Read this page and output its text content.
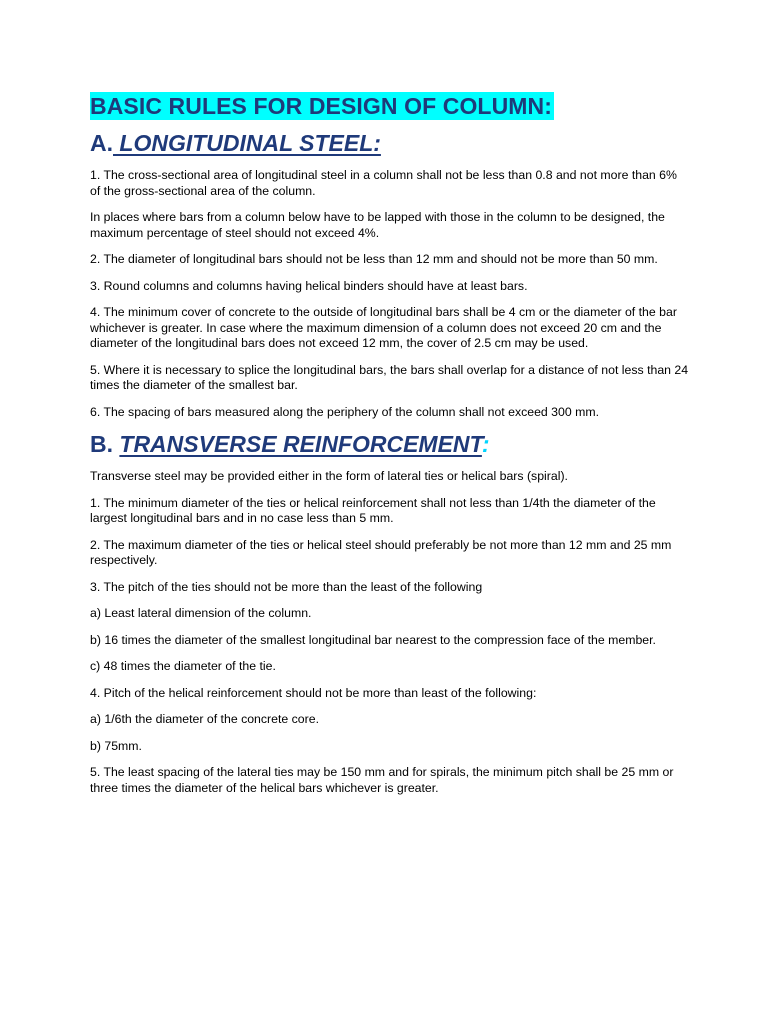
BASIC RULES FOR DESIGN OF COLUMN:
A. LONGITUDINAL STEEL:

1. The cross-sectional area of longitudinal steel in a column shall not be less than 0.8 and not more than 6% of the gross-sectional area of the column.

In places where bars from a column below have to be lapped with those in the column to be designed, the maximum percentage of steel should not exceed 4%.

2. The diameter of longitudinal bars should not be less than 12 mm and should not be more than 50 mm.

3. Round columns and columns having helical binders should have at least bars.

4. The minimum cover of concrete to the outside of longitudinal bars shall be 4 cm or the diameter of the bar whichever is greater. In case where the maximum dimension of a column does not exceed 20 cm and the diameter of the longitudinal bars does not exceed 12 mm, the cover of 2.5 cm may be used.

5. Where it is necessary to splice the longitudinal bars, the bars shall overlap for a distance of not less than 24 times the diameter of the smallest bar.

6. The spacing of bars measured along the periphery of the column shall not exceed 300 mm.

B. TRANSVERSE REINFORCEMENT:

Transverse steel may be provided either in the form of lateral ties or helical bars (spiral).

1. The minimum diameter of the ties or helical reinforcement shall not less than 1/4th the diameter of the largest longitudinal bars and in no case less than 5 mm.

2. The maximum diameter of the ties or helical steel should preferably be not more than 12 mm and 25 mm respectively.

3. The pitch of the ties should not be more than the least of the following

a) Least lateral dimension of the column.

b) 16 times the diameter of the smallest longitudinal bar nearest to the compression face of the member.

c) 48 times the diameter of the tie.

4. Pitch of the helical reinforcement should not be more than least of the following:

a) 1/6th the diameter of the concrete core.

b) 75mm.

5. The least spacing of the lateral ties may be 150 mm and for spirals, the minimum pitch shall be 25 mm or three times the diameter of the helical bars whichever is greater.
